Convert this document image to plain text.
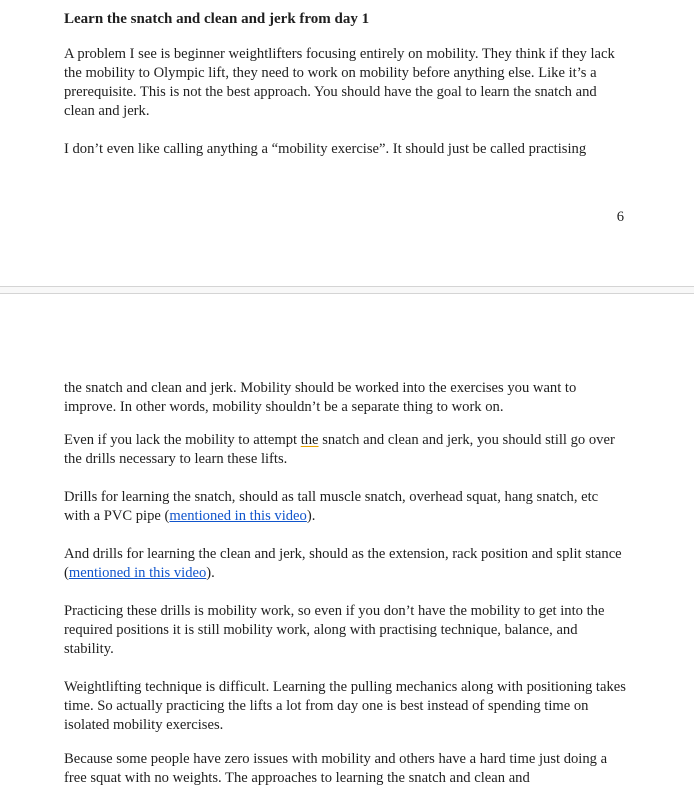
Learn the snatch and clean and jerk from day 1

A problem I see is beginner weightlifters focusing entirely on mobility. They think if they lack the mobility to Olympic lift, they need to work on mobility before anything else. Like it’s a prerequisite. This is not the best approach. You should have the goal to learn the snatch and clean and jerk.

I don’t even like calling anything a “mobility exercise”. It should just be called practising

6

the snatch and clean and jerk. Mobility should be worked into the exercises you want to improve. In other words, mobility shouldn’t be a separate thing to work on.

Even if you lack the mobility to attempt the snatch and clean and jerk, you should still go over the drills necessary to learn these lifts.

Drills for learning the snatch, should as tall muscle snatch, overhead squat, hang snatch, etc with a PVC pipe (mentioned in this video).

And drills for learning the clean and jerk, should as the extension, rack position and split stance (mentioned in this video).

Practicing these drills is mobility work, so even if you don’t have the mobility to get into the required positions it is still mobility work, along with practising technique, balance, and stability.

Weightlifting technique is difficult. Learning the pulling mechanics along with positioning takes time. So actually practicing the lifts a lot from day one is best instead of spending time on isolated mobility exercises.

Because some people have zero issues with mobility and others have a hard time just doing a free squat with no weights. The approaches to learning the snatch and clean and
